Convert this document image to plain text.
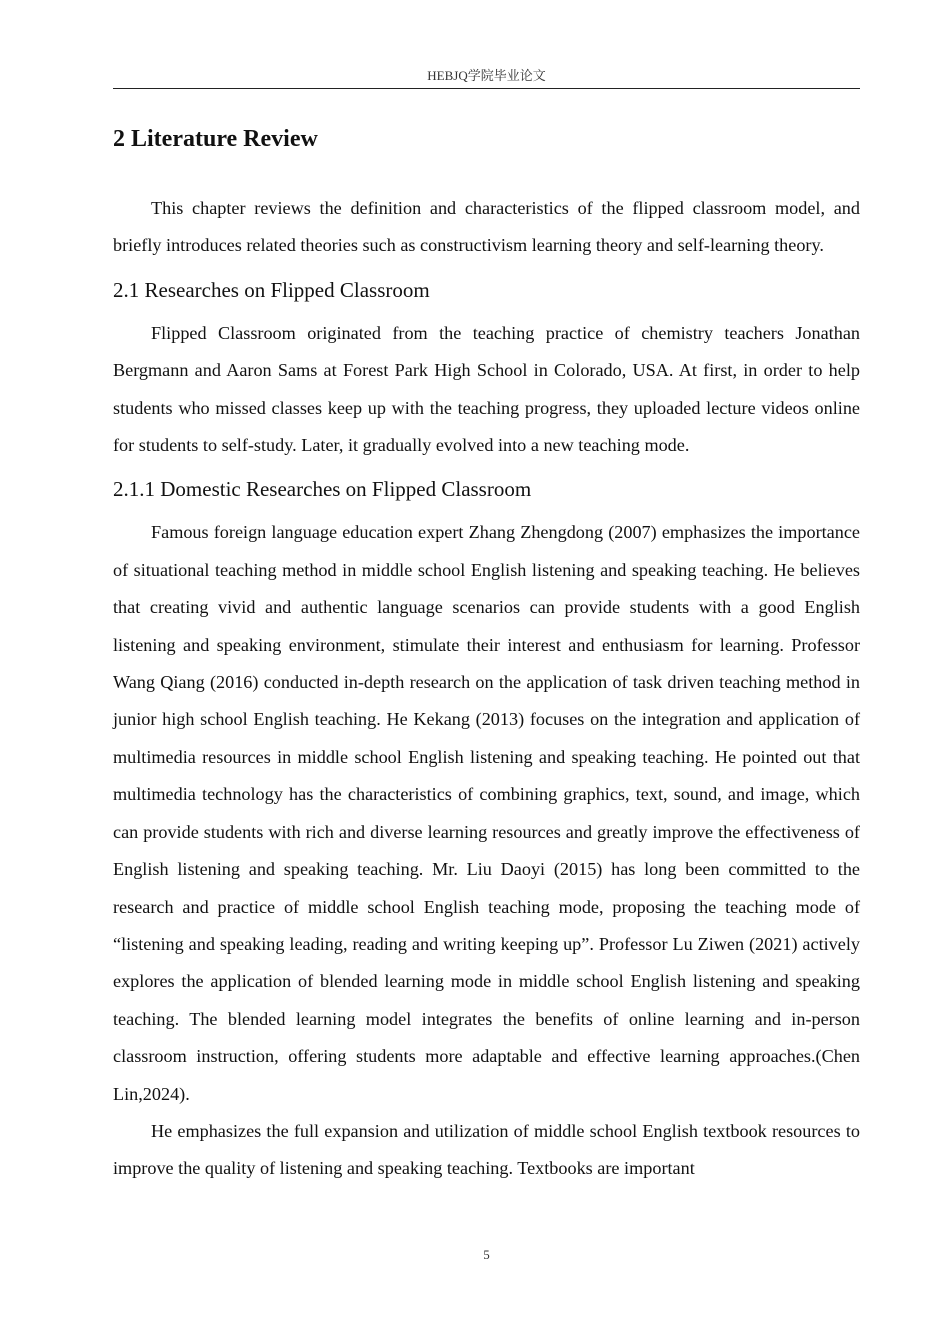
HEBJQ学院毕业论文
2 Literature Review

This chapter reviews the definition and characteristics of the flipped classroom model, and briefly introduces related theories such as constructivism learning theory and self-learning theory.

2.1 Researches on Flipped Classroom

Flipped Classroom originated from the teaching practice of chemistry teachers Jonathan Bergmann and Aaron Sams at Forest Park High School in Colorado, USA. At first, in order to help students who missed classes keep up with the teaching progress, they uploaded lecture videos online for students to self-study. Later, it gradually evolved into a new teaching mode.

2.1.1 Domestic Researches on Flipped Classroom

Famous foreign language education expert Zhang Zhengdong (2007) emphasizes the importance of situational teaching method in middle school English listening and speaking teaching. He believes that creating vivid and authentic language scenarios can provide students with a good English listening and speaking environment, stimulate their interest and enthusiasm for learning. Professor Wang Qiang (2016) conducted in-depth research on the application of task driven teaching method in junior high school English teaching. He Kekang (2013) focuses on the integration and application of multimedia resources in middle school English listening and speaking teaching. He pointed out that multimedia technology has the characteristics of combining graphics, text, sound, and image, which can provide students with rich and diverse learning resources and greatly improve the effectiveness of English listening and speaking teaching. Mr. Liu Daoyi (2015) has long been committed to the research and practice of middle school English teaching mode, proposing the teaching mode of “listening and speaking leading, reading and writing keeping up”. Professor Lu Ziwen (2021) actively explores the application of blended learning mode in middle school English listening and speaking teaching. The blended learning model integrates the benefits of online learning and in-person classroom instruction, offering students more adaptable and effective learning approaches.(Chen Lin,2024).

He emphasizes the full expansion and utilization of middle school English textbook resources to improve the quality of listening and speaking teaching. Textbooks are important

5
